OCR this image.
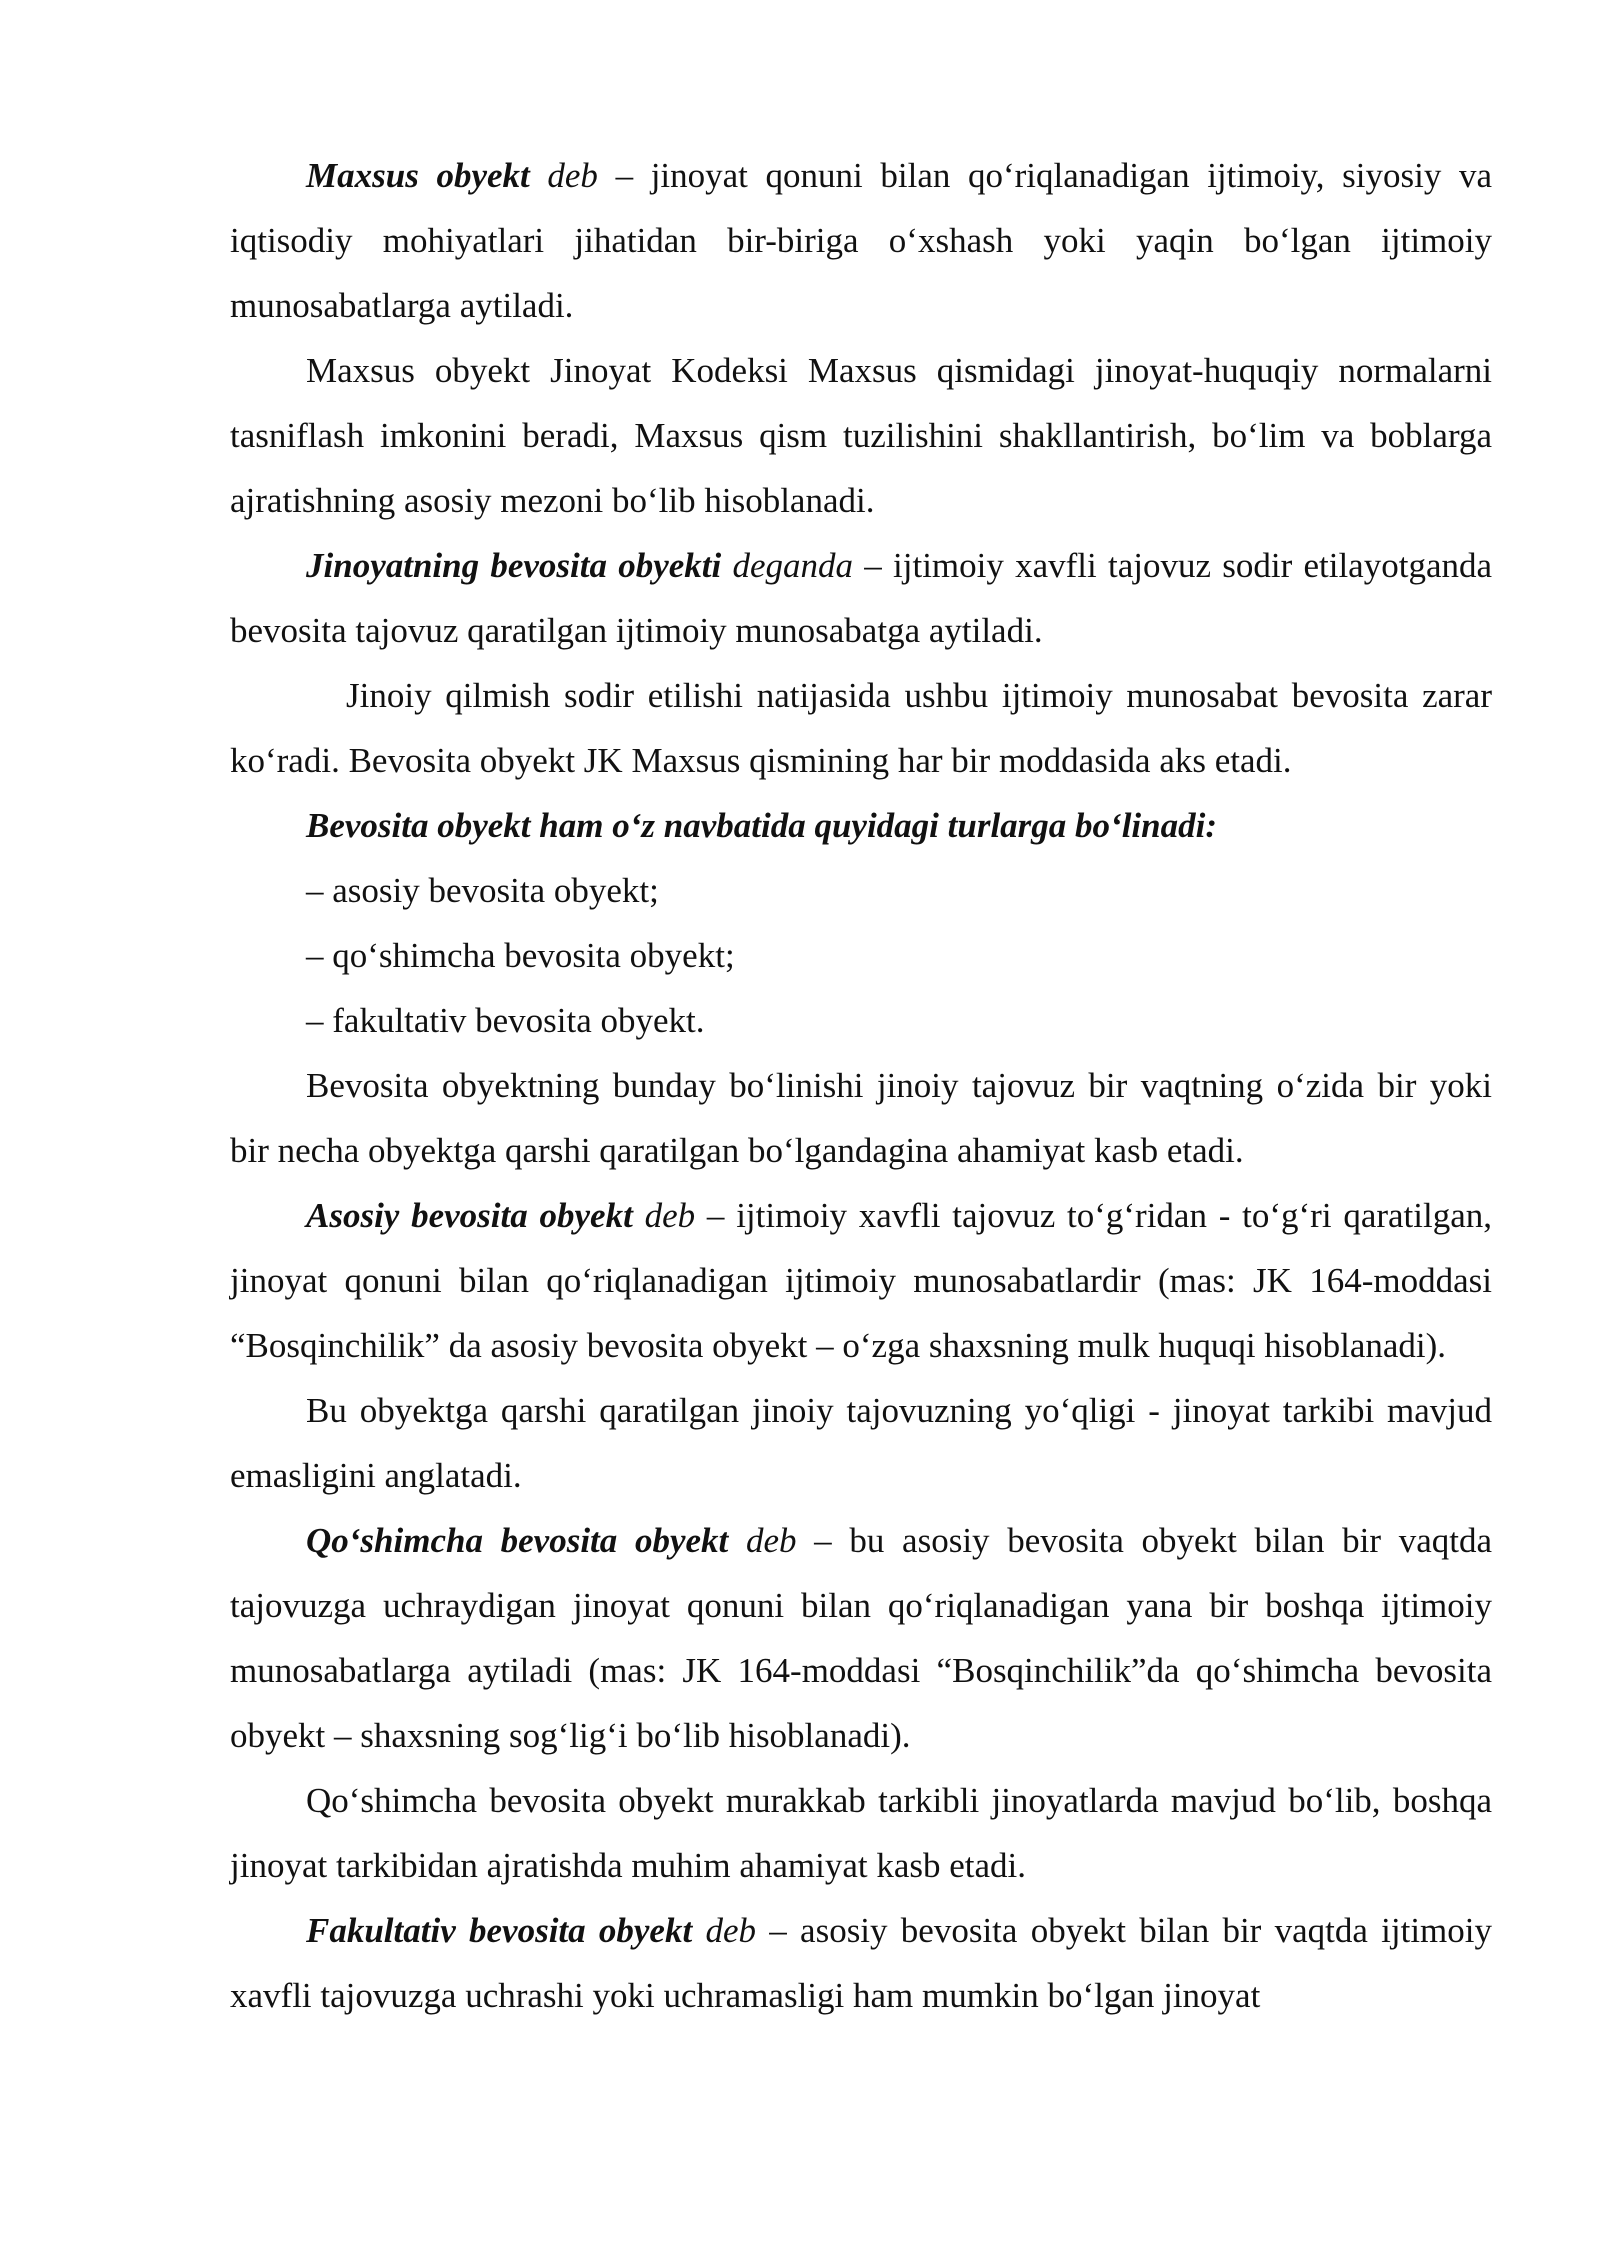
Maxsus obyekt deb – jinoyat qonuni bilan qo‘riqlanadigan ijtimoiy, siyosiy va iqtisodiy mohiyatlari jihatidan bir-biriga o‘xshash yoki yaqin bo‘lgan ijtimoiy munosabatlarga aytiladi.

Maxsus obyekt Jinoyat Kodeksi Maxsus qismidagi jinoyat-huquqiy normalarni tasniflash imkonini beradi, Maxsus qism tuzilishini shakllantirish, bo‘lim va boblarga ajratishning asosiy mezoni bo‘lib hisoblanadi.

Jinoyatning bevosita obyekti deganda – ijtimoiy xavfli tajovuz sodir etilayotganda bevosita tajovuz qaratilgan ijtimoiy munosabatga aytiladi.

Jinoiy qilmish sodir etilishi natijasida ushbu ijtimoiy munosabat bevosita zarar ko‘radi. Bevosita obyekt JK Maxsus qismining har bir moddasida aks etadi.

Bevosita obyekt ham o‘z navbatida quyidagi turlarga bo‘linadi:

– asosiy bevosita obyekt;

– qo‘shimcha bevosita obyekt;

– fakultativ bevosita obyekt.

Bevosita obyektning bunday bo‘linishi jinoiy tajovuz bir vaqtning o‘zida bir yoki bir necha obyektga qarshi qaratilgan bo‘lgandagina ahamiyat kasb etadi.

Asosiy bevosita obyekt deb – ijtimoiy xavfli tajovuz to‘g‘ridan - to‘g‘ri qaratilgan, jinoyat qonuni bilan qo‘riqlanadigan ijtimoiy munosabatlardir (mas: JK 164-moddasi “Bosqinchilik” da asosiy bevosita obyekt – o‘zga shaxsning mulk huquqi hisoblanadi).

Bu obyektga qarshi qaratilgan jinoiy tajovuzning yo‘qligi - jinoyat tarkibi mavjud emasligini anglatadi.

Qo‘shimcha bevosita obyekt deb – bu asosiy bevosita obyekt bilan bir vaqtda tajovuzga uchraydigan jinoyat qonuni bilan qo‘riqlanadigan yana bir boshqa ijtimoiy munosabatlarga aytiladi (mas: JK 164-moddasi “Bosqinchilik”da qo‘shimcha bevosita obyekt – shaxsning sog‘lig‘i bo‘lib hisoblanadi).

Qo‘shimcha bevosita obyekt murakkab tarkibli jinoyatlarda mavjud bo‘lib, boshqa jinoyat tarkibidan ajratishda muhim ahamiyat kasb etadi.

Fakultativ bevosita obyekt deb – asosiy bevosita obyekt bilan bir vaqtda ijtimoiy xavfli tajovuzga uchrashi yoki uchramasligi ham mumkin bo‘lgan jinoyat
